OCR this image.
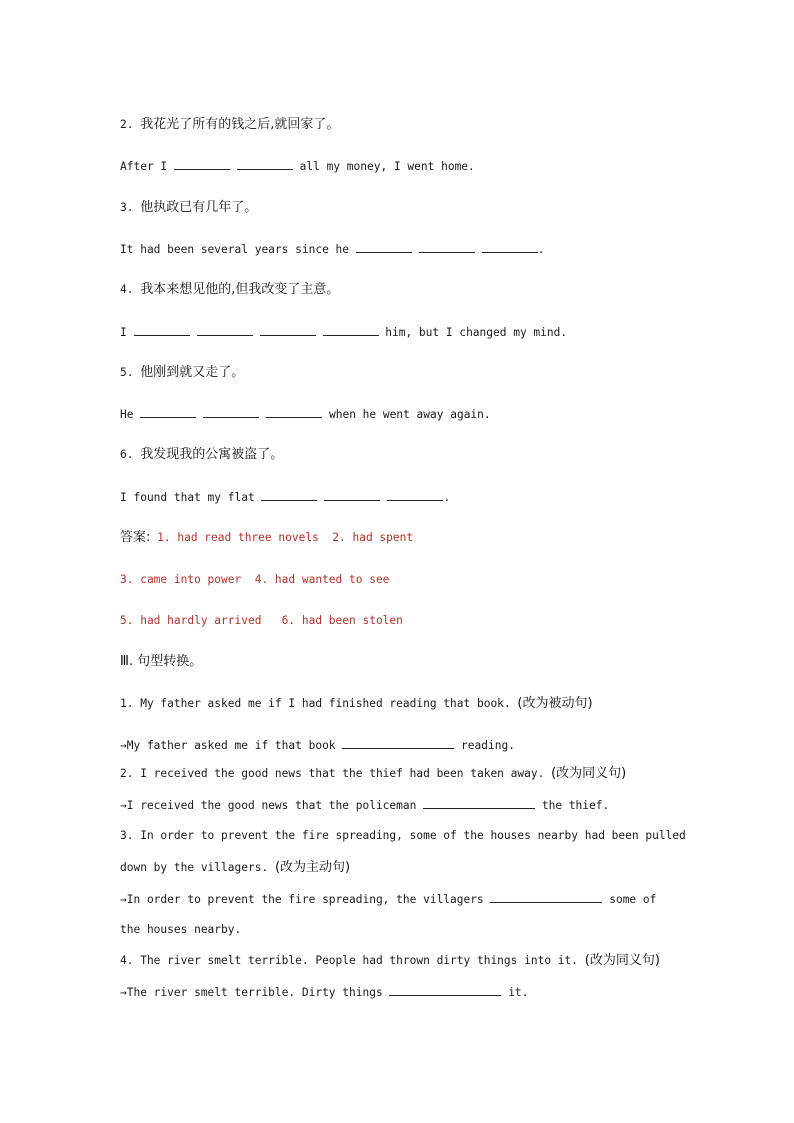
2. 我花光了所有的钱之后,就回家了。
After I	all my money, I went home.
3. 他执政已有几年了。
It had been several years since he	.
4. 我本来想见他的,但我改变了主意。
I	him, but I changed my mind.
5. 他刚到就又走了。
He	when he went away again.
6. 我发现我的公寓被盗了。
I found that my flat	.
答案: 1. had read three novels  2. had spent
3. came into power  4. had wanted to see
5. had hardly arrived   6. had been stolen
Ⅲ. 句型转换。
1. My father asked me if I had finished reading that book. (改为被动句)
→My father asked me if that book	reading.
2. I received the good news that the thief had been taken away. (改为同义句)
→I received the good news that the policeman	the thief.
3. In order to prevent the fire spreading, some of the houses nearby had been pulled
down by the villagers. (改为主动句)
→In order to prevent the fire spreading, the villagers	some of
the houses nearby.
4. The river smelt terrible. People had thrown dirty things into it. (改为同义句)
→The river smelt terrible. Dirty things	it.
